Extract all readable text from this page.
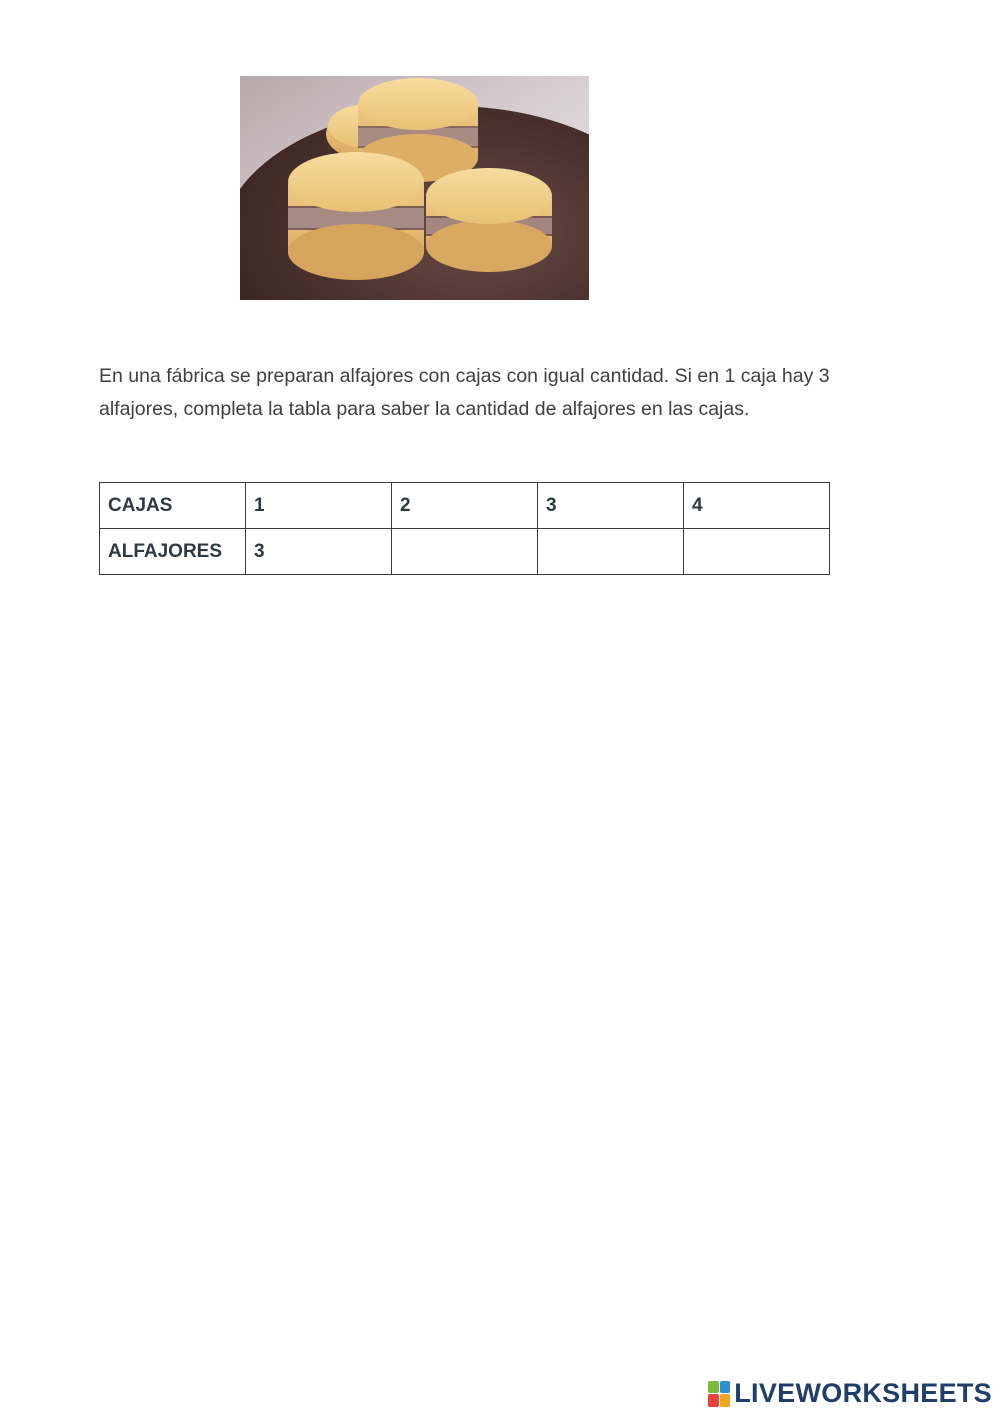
En una fábrica se preparan alfajores con cajas con igual cantidad. Si en 1 caja hay 3 alfajores, completa la tabla para saber la cantidad de alfajores en las cajas.

CAJAS	1	2	3	4
ALFAJORES	3			
LIVEWORKSHEETS
